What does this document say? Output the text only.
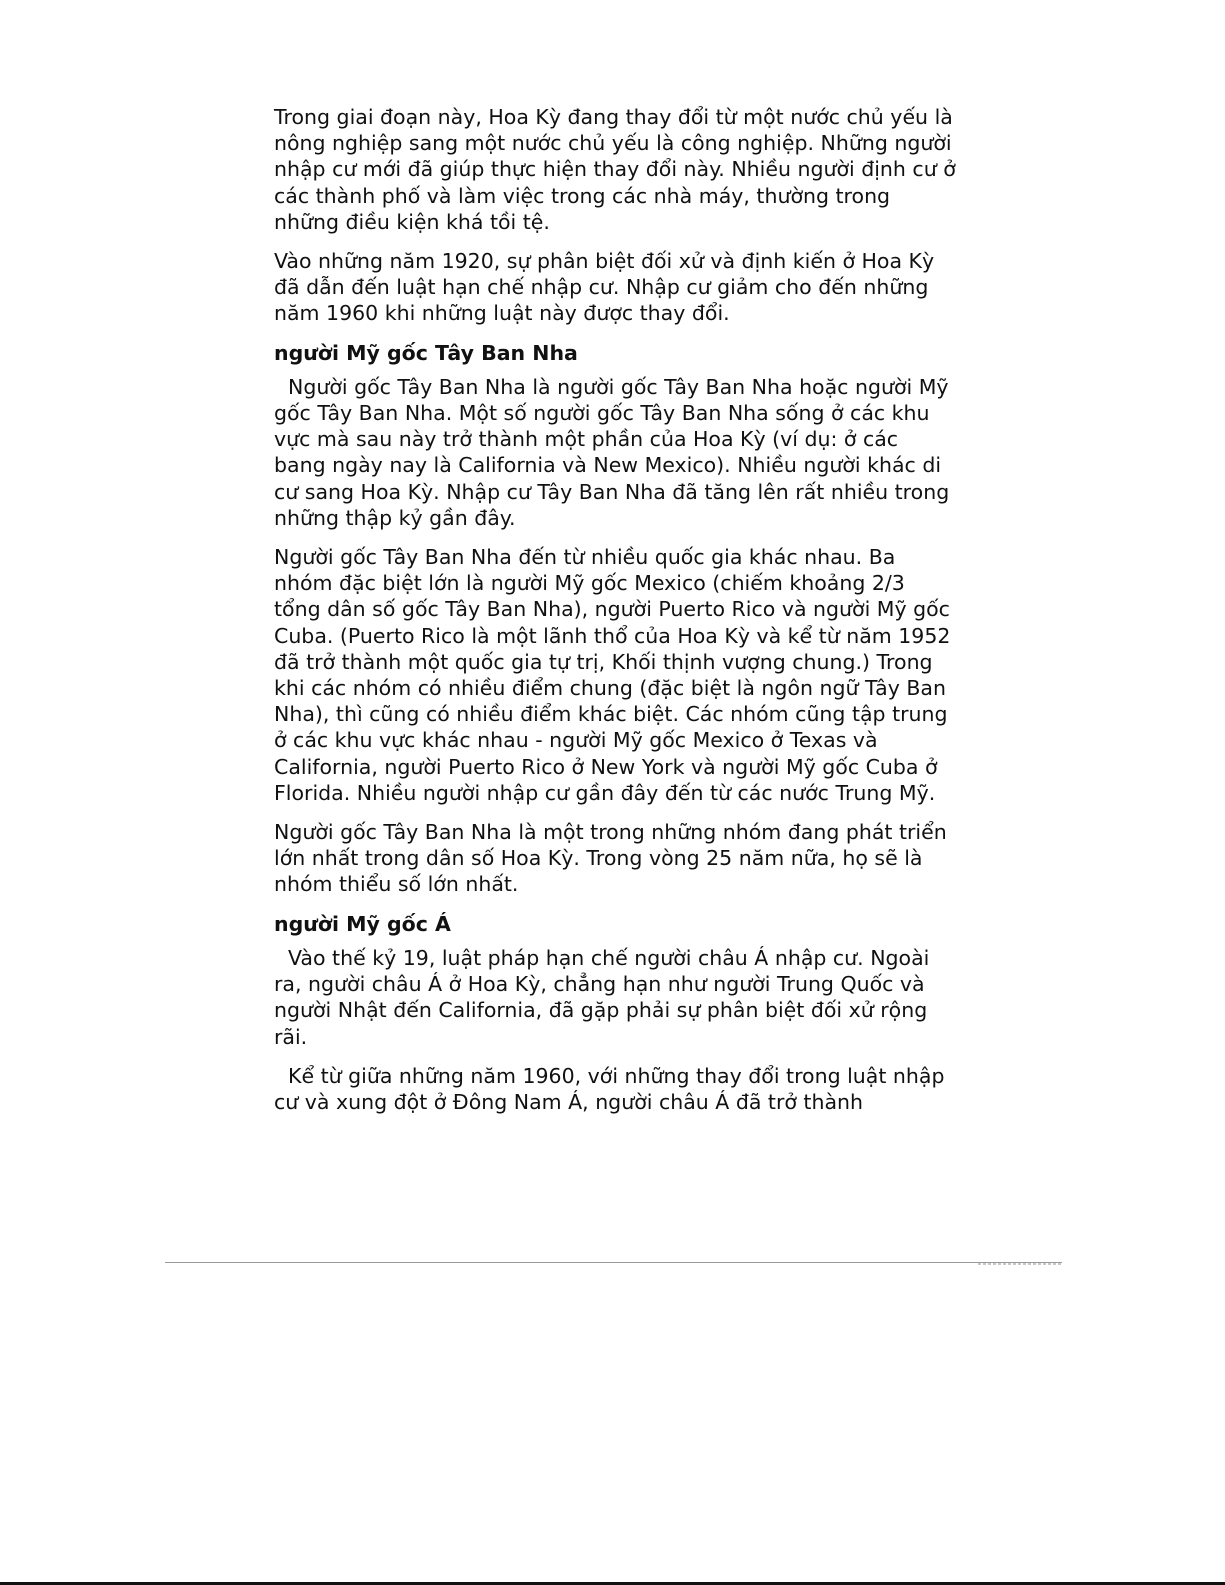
Trong giai đoạn này, Hoa Kỳ đang thay đổi từ một nước chủ yếu là nông nghiệp sang một nước chủ yếu là công nghiệp. Những người nhập cư mới đã giúp thực hiện thay đổi này. Nhiều người định cư ở các thành phố và làm việc trong các nhà máy, thường trong những điều kiện khá tồi tệ.

Vào những năm 1920, sự phân biệt đối xử và định kiến ở Hoa Kỳ đã dẫn đến luật hạn chế nhập cư. Nhập cư giảm cho đến những năm 1960 khi những luật này được thay đổi.

người Mỹ gốc Tây Ban Nha

Người gốc Tây Ban Nha là người gốc Tây Ban Nha hoặc người Mỹ gốc Tây Ban Nha. Một số người gốc Tây Ban Nha sống ở các khu vực mà sau này trở thành một phần của Hoa Kỳ (ví dụ: ở các bang ngày nay là California và New Mexico). Nhiều người khác di cư sang Hoa Kỳ. Nhập cư Tây Ban Nha đã tăng lên rất nhiều trong những thập kỷ gần đây.

Người gốc Tây Ban Nha đến từ nhiều quốc gia khác nhau. Ba nhóm đặc biệt lớn là người Mỹ gốc Mexico (chiếm khoảng 2/3 tổng dân số gốc Tây Ban Nha), người Puerto Rico và người Mỹ gốc Cuba. (Puerto Rico là một lãnh thổ của Hoa Kỳ và kể từ năm 1952 đã trở thành một quốc gia tự trị, Khối thịnh vượng chung.) Trong khi các nhóm có nhiều điểm chung (đặc biệt là ngôn ngữ Tây Ban Nha), thì cũng có nhiều điểm khác biệt. Các nhóm cũng tập trung ở các khu vực khác nhau - người Mỹ gốc Mexico ở Texas và California, người Puerto Rico ở New York và người Mỹ gốc Cuba ở Florida. Nhiều người nhập cư gần đây đến từ các nước Trung Mỹ.

Người gốc Tây Ban Nha là một trong những nhóm đang phát triển lớn nhất trong dân số Hoa Kỳ. Trong vòng 25 năm nữa, họ sẽ là nhóm thiểu số lớn nhất.

người Mỹ gốc Á

Vào thế kỷ 19, luật pháp hạn chế người châu Á nhập cư. Ngoài ra, người châu Á ở Hoa Kỳ, chẳng hạn như người Trung Quốc và người Nhật đến California, đã gặp phải sự phân biệt đối xử rộng rãi.

Kể từ giữa những năm 1960, với những thay đổi trong luật nhập cư và xung đột ở Đông Nam Á, người châu Á đã trở thành
